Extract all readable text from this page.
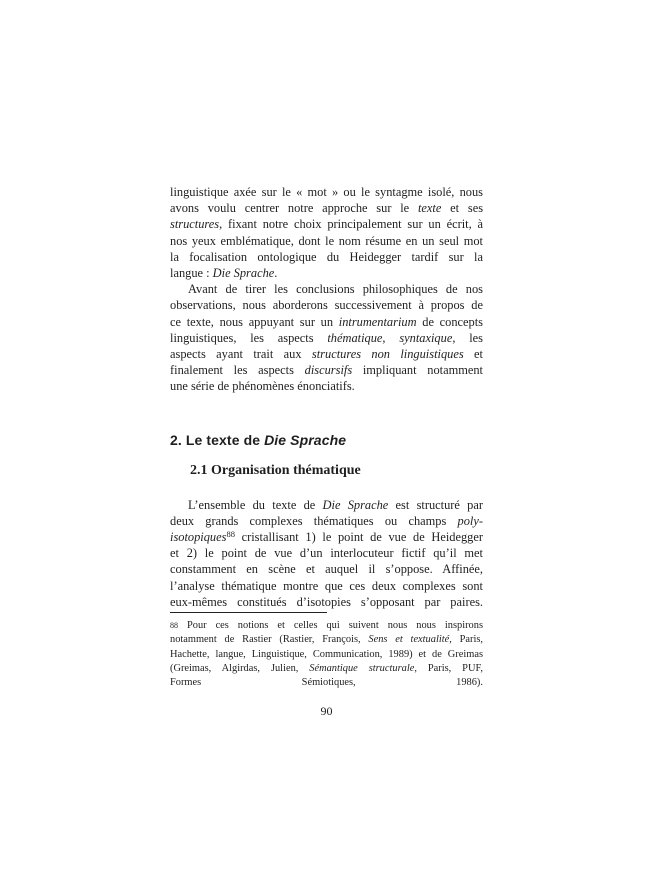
linguistique axée sur le « mot » ou le syntagme isolé, nous
avons voulu centrer notre approche sur le texte et ses
structures, fixant notre choix principalement sur un écrit, à
nos yeux emblématique, dont le nom résume en un seul mot
la focalisation ontologique du Heidegger tardif sur la
langue : Die Sprache.
Avant de tirer les conclusions philosophiques de nos
observations, nous aborderons successivement à propos de
ce texte, nous appuyant sur un intrumentarium de concepts
linguistiques, les aspects thématique, syntaxique, les
aspects ayant trait aux structures non linguistiques et
finalement les aspects discursifs impliquant notamment
une série de phénomènes énonciatifs.
2. Le texte de Die Sprache
2.1 Organisation thématique
L’ensemble du texte de Die Sprache est structuré par
deux grands complexes thématiques ou champs poly-
isotopiques$^{88}$ cristallisant 1) le point de vue de Heidegger
et 2) le point de vue d’un interlocuteur fictif qu’il met
constamment en scène et auquel il s’oppose. Affinée,
l’analyse thématique montre que ces deux complexes sont
eux-mêmes constitués d’isotopies s’opposant par paires.
88 Pour ces notions et celles qui suivent nous nous inspirons
notamment de Rastier (Rastier, François, Sens et textualité, Paris,
Hachette, langue, Linguistique, Communication, 1989) et de Greimas
(Greimas, Algirdas, Julien, Sémantique structurale, Paris, PUF,
Formes Sémiotiques, 1986).
90
